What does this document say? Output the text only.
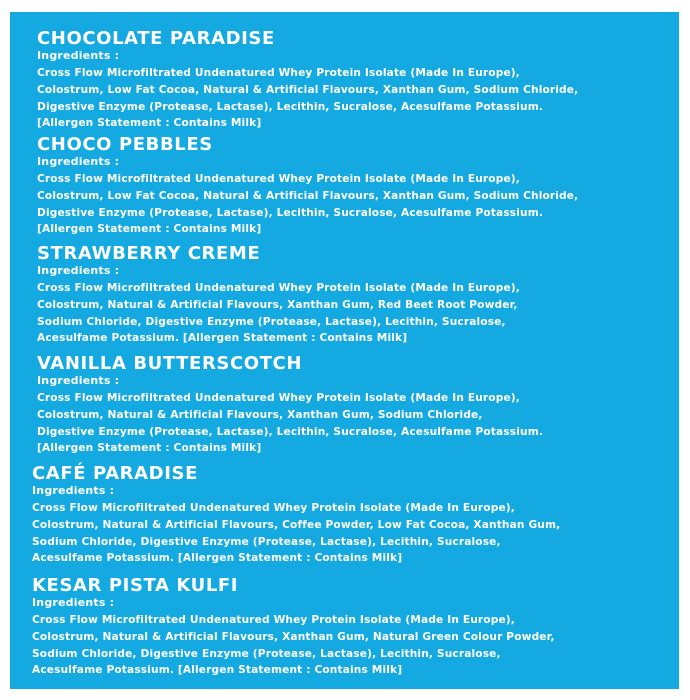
CHOCOLATE PARADISE
Ingredients :
Cross Flow Microfiltrated Undenatured Whey Protein Isolate (Made In Europe),
Colostrum, Low Fat Cocoa, Natural & Artificial Flavours, Xanthan Gum, Sodium Chloride,
Digestive Enzyme (Protease, Lactase), Lecithin, Sucralose, Acesulfame Potassium.
[Allergen Statement : Contains Milk]
CHOCO PEBBLES
Ingredients :
Cross Flow Microfiltrated Undenatured Whey Protein Isolate (Made In Europe),
Colostrum, Low Fat Cocoa, Natural & Artificial Flavours, Xanthan Gum, Sodium Chloride,
Digestive Enzyme (Protease, Lactase), Lecithin, Sucralose, Acesulfame Potassium.
[Allergen Statement : Contains Milk]
STRAWBERRY CREME
Ingredients :
Cross Flow Microfiltrated Undenatured Whey Protein Isolate (Made In Europe),
Colostrum, Natural & Artificial Flavours, Xanthan Gum, Red Beet Root Powder,
Sodium Chloride, Digestive Enzyme (Protease, Lactase), Lecithin, Sucralose,
Acesulfame Potassium. [Allergen Statement : Contains Milk]
VANILLA BUTTERSCOTCH
Ingredients :
Cross Flow Microfiltrated Undenatured Whey Protein Isolate (Made In Europe),
Colostrum, Natural & Artificial Flavours, Xanthan Gum, Sodium Chloride,
Digestive Enzyme (Protease, Lactase), Lecithin, Sucralose, Acesulfame Potassium.
[Allergen Statement : Contains Milk]
CAFÉ PARADISE
Ingredients :
Cross Flow Microfiltrated Undenatured Whey Protein Isolate (Made In Europe),
Colostrum, Natural & Artificial Flavours, Coffee Powder, Low Fat Cocoa, Xanthan Gum,
Sodium Chloride, Digestive Enzyme (Protease, Lactase), Lecithin, Sucralose,
Acesulfame Potassium. [Allergen Statement : Contains Milk]
KESAR PISTA KULFI
Ingredients :
Cross Flow Microfiltrated Undenatured Whey Protein Isolate (Made In Europe),
Colostrum, Natural & Artificial Flavours, Xanthan Gum, Natural Green Colour Powder,
Sodium Chloride, Digestive Enzyme (Protease, Lactase), Lecithin, Sucralose,
Acesulfame Potassium. [Allergen Statement : Contains Milk]
